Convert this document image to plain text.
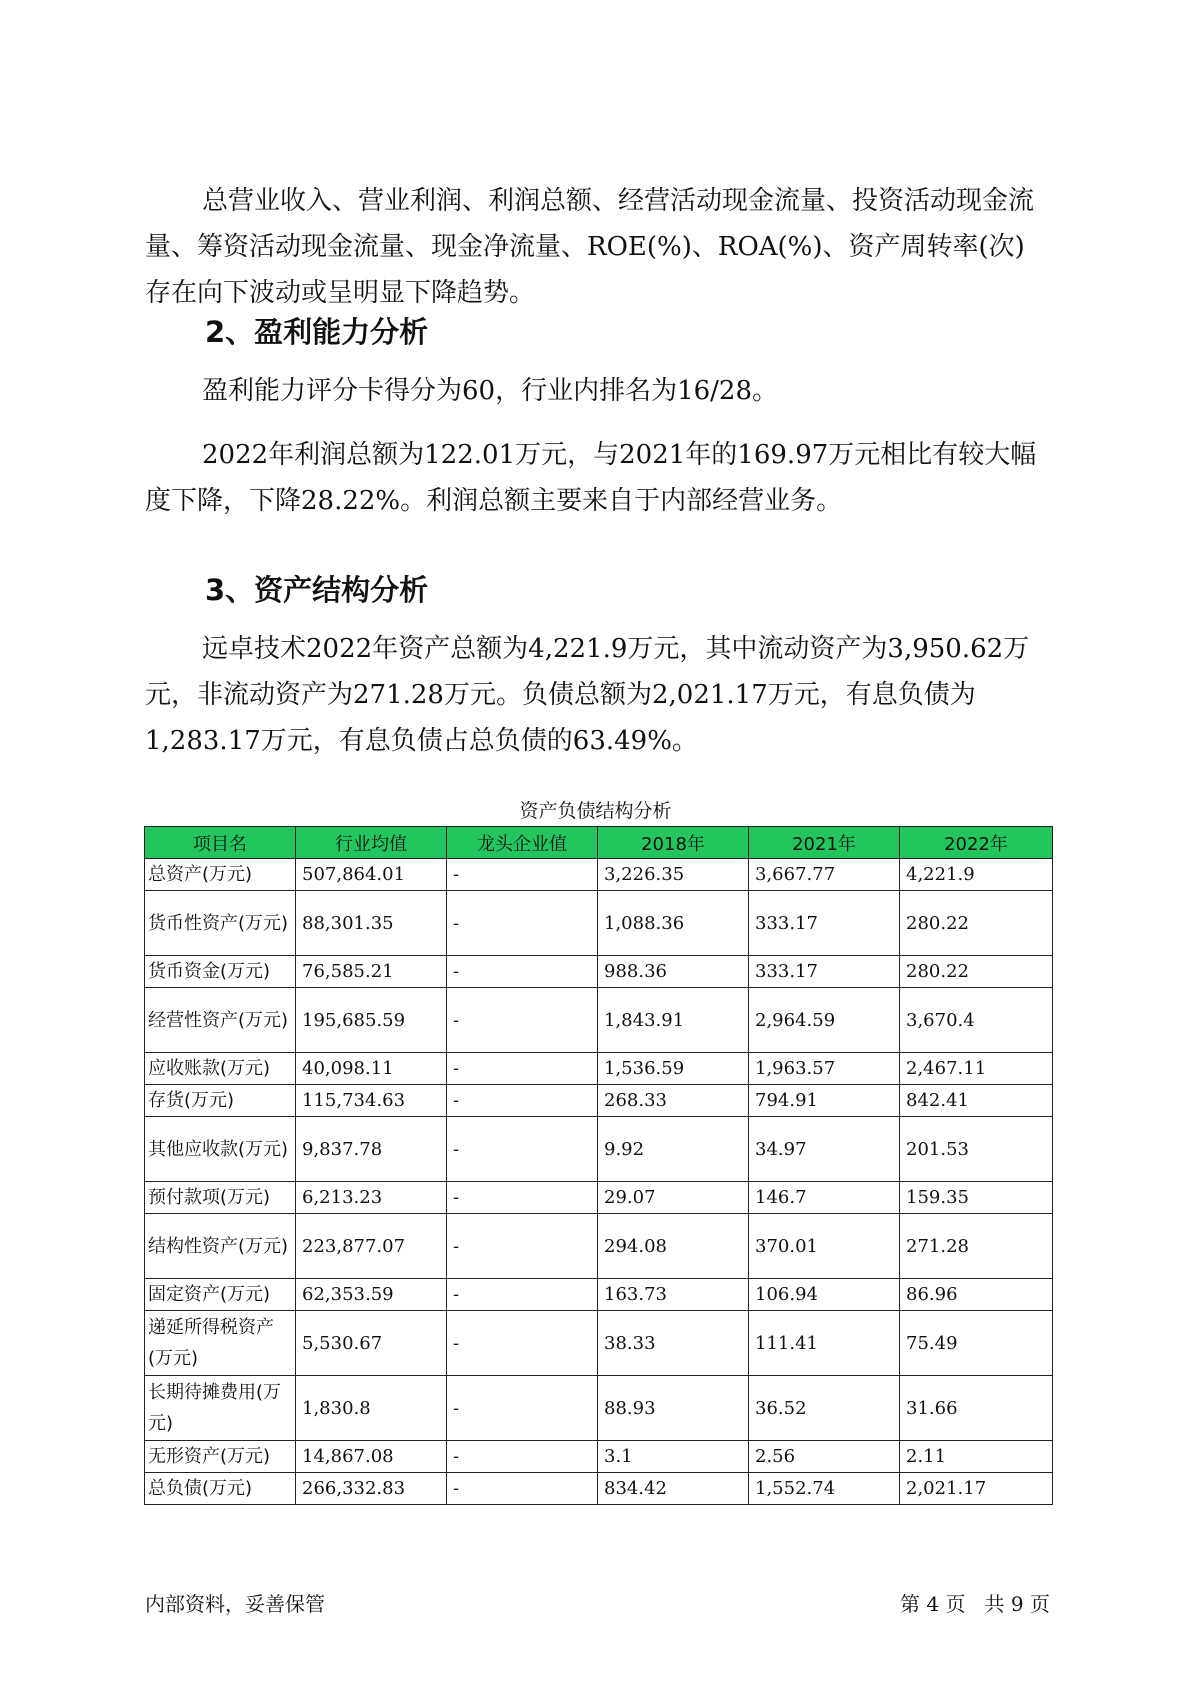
总营业收入、营业利润、利润总额、经营活动现金流量、投资活动现金流量、筹资活动现金流量、现金净流量、ROE(%)、ROA(%)、资产周转率(次)存在向下波动或呈明显下降趋势。

2、盈利能力分析

盈利能力评分卡得分为60，行业内排名为16/28。

2022年利润总额为122.01万元，与2021年的169.97万元相比有较大幅度下降，下降28.22%。利润总额主要来自于内部经营业务。

3、资产结构分析

远卓技术2022年资产总额为4,221.9万元，其中流动资产为3,950.62万元，非流动资产为271.28万元。负债总额为2,021.17万元，有息负债为1,283.17万元，有息负债占总负债的63.49%。

资产负债结构分析
项目名	行业均值	龙头企业值	2018年	2021年	2022年
总资产(万元)	507,864.01	-	3,226.35	3,667.77	4,221.9
货币性资产(万元)	88,301.35	-	1,088.36	333.17	280.22
货币资金(万元)	76,585.21	-	988.36	333.17	280.22
经营性资产(万元)	195,685.59	-	1,843.91	2,964.59	3,670.4
应收账款(万元)	40,098.11	-	1,536.59	1,963.57	2,467.11
存货(万元)	115,734.63	-	268.33	794.91	842.41
其他应收款(万元)	9,837.78	-	9.92	34.97	201.53
预付款项(万元)	6,213.23	-	29.07	146.7	159.35
结构性资产(万元)	223,877.07	-	294.08	370.01	271.28
固定资产(万元)	62,353.59	-	163.73	106.94	86.96
递延所得税资产(万元)	5,530.67	-	38.33	111.41	75.49
长期待摊费用(万元)	1,830.8	-	88.93	36.52	31.66
无形资产(万元)	14,867.08	-	3.1	2.56	2.11
总负债(万元)	266,332.83	-	834.42	1,552.74	2,021.17
内部资料，妥善保管	第 4 页   共 9 页
